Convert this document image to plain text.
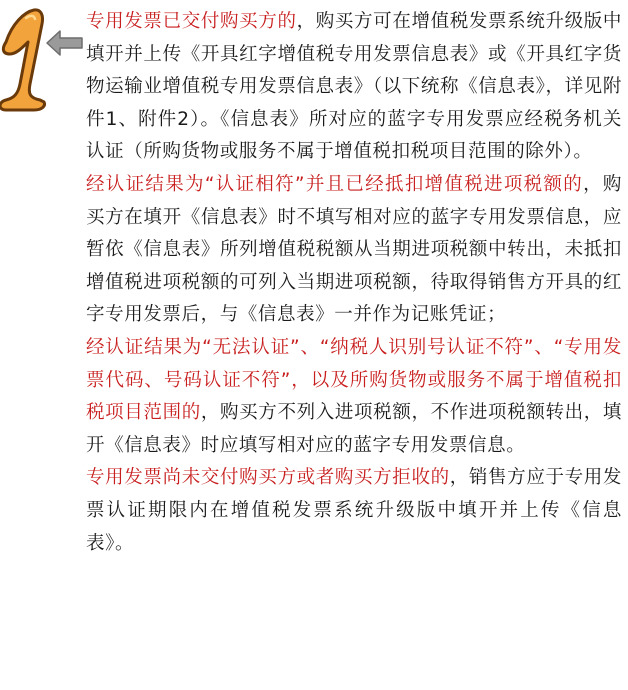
专用发票已交付购买方的，购买方可在增值税发票系统升级版中填开并上传《开具红字增值税专用发票信息表》或《开具红字货物运输业增值税专用发票信息表》（以下统称《信息表》，详见附件1、附件2）。《信息表》所对应的蓝字专用发票应经税务机关认证（所购货物或服务不属于增值税扣税项目范围的除外）。

经认证结果为“认证相符”并且已经抵扣增值税进项税额的，购买方在填开《信息表》时不填写相对应的蓝字专用发票信息，应暂依《信息表》所列增值税税额从当期进项税额中转出，未抵扣增值税进项税额的可列入当期进项税额，待取得销售方开具的红字专用发票后，与《信息表》一并作为记账凭证；

经认证结果为“无法认证”、“纳税人识别号认证不符”、“专用发票代码、号码认证不符”，以及所购货物或服务不属于增值税扣税项目范围的，购买方不列入进项税额，不作进项税额转出，填开《信息表》时应填写相对应的蓝字专用发票信息。

专用发票尚未交付购买方或者购买方拒收的，销售方应于专用发票认证期限内在增值税发票系统升级版中填开并上传《信息表》。
